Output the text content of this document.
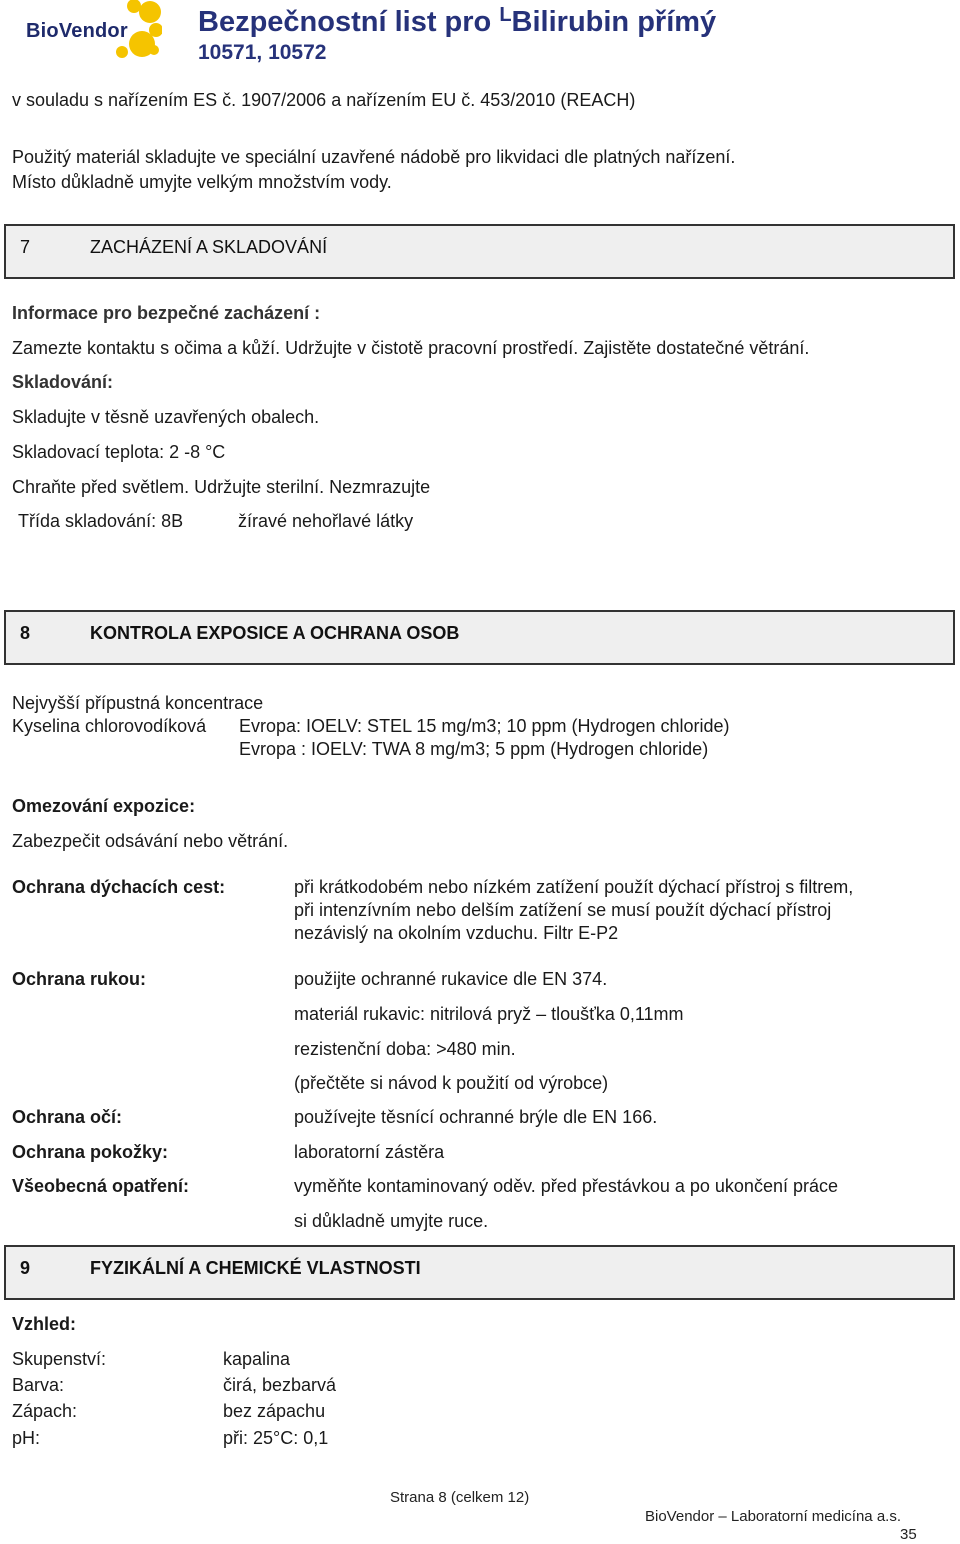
BioVendor Bezpečnostní list pro $^L$Bilirubin přímý
10571, 10572
v souladu s nařízením ES č. 1907/2006 a nařízením EU č. 453/2010 (REACH)
Použitý materiál skladujte ve speciální uzavřené nádobě pro likvidaci dle platných nařízení.
Místo důkladně umyjte velkým množstvím vody.
7	ZACHÁZENÍ A SKLADOVÁNÍ
Informace pro bezpečné zacházení :
Zamezte kontaktu s očima a kůží. Udržujte v čistotě pracovní prostředí. Zajistěte dostatečné větrání.
Skladování:
Skladujte v těsně uzavřených obalech.
Skladovací teplota: 2 -8 °C
Chraňte před světlem. Udržujte sterilní. Nezmrazujte
Třída skladování: 8B	žíravé nehořlavé látky
8	KONTROLA EXPOSICE A OCHRANA OSOB
Nejvyšší přípustná koncentrace
Kyselina chlorovodíková Evropa: IOELV: STEL 15 mg/m3; 10 ppm (Hydrogen chloride)
Evropa : IOELV: TWA 8 mg/m3; 5 ppm (Hydrogen chloride)
Omezování expozice:
Zabezpečit odsávání nebo větrání.
Ochrana dýchacích cest:	při krátkodobém nebo nízkém zatížení použít dýchací přístroj s filtrem,
při intenzívním nebo delším zatížení se musí použít dýchací přístroj
nezávislý na okolním vzduchu. Filtr E-P2
Ochrana rukou:	použijte ochranné rukavice dle EN 374.
materiál rukavic: nitrilová pryž – tloušťka 0,11mm
rezistenční doba: >480 min.
(přečtěte si návod k použití od výrobce)
Ochrana očí:	používejte těsnící ochranné brýle dle EN 166.
Ochrana pokožky:	laboratorní zástěra
Všeobecná opatření:	vyměňte kontaminovaný oděv. před přestávkou a po ukončení práce
si důkladně umyjte ruce.
9	FYZIKÁLNÍ A CHEMICKÉ VLASTNOSTI
Vzhled:
Skupenství:	kapalina
Barva:	čirá, bezbarvá
Zápach:	bez zápachu
pH:	při: 25°C: 0,1
Strana 8 (celkem 12)
BioVendor – Laboratorní medicína a.s.
35
